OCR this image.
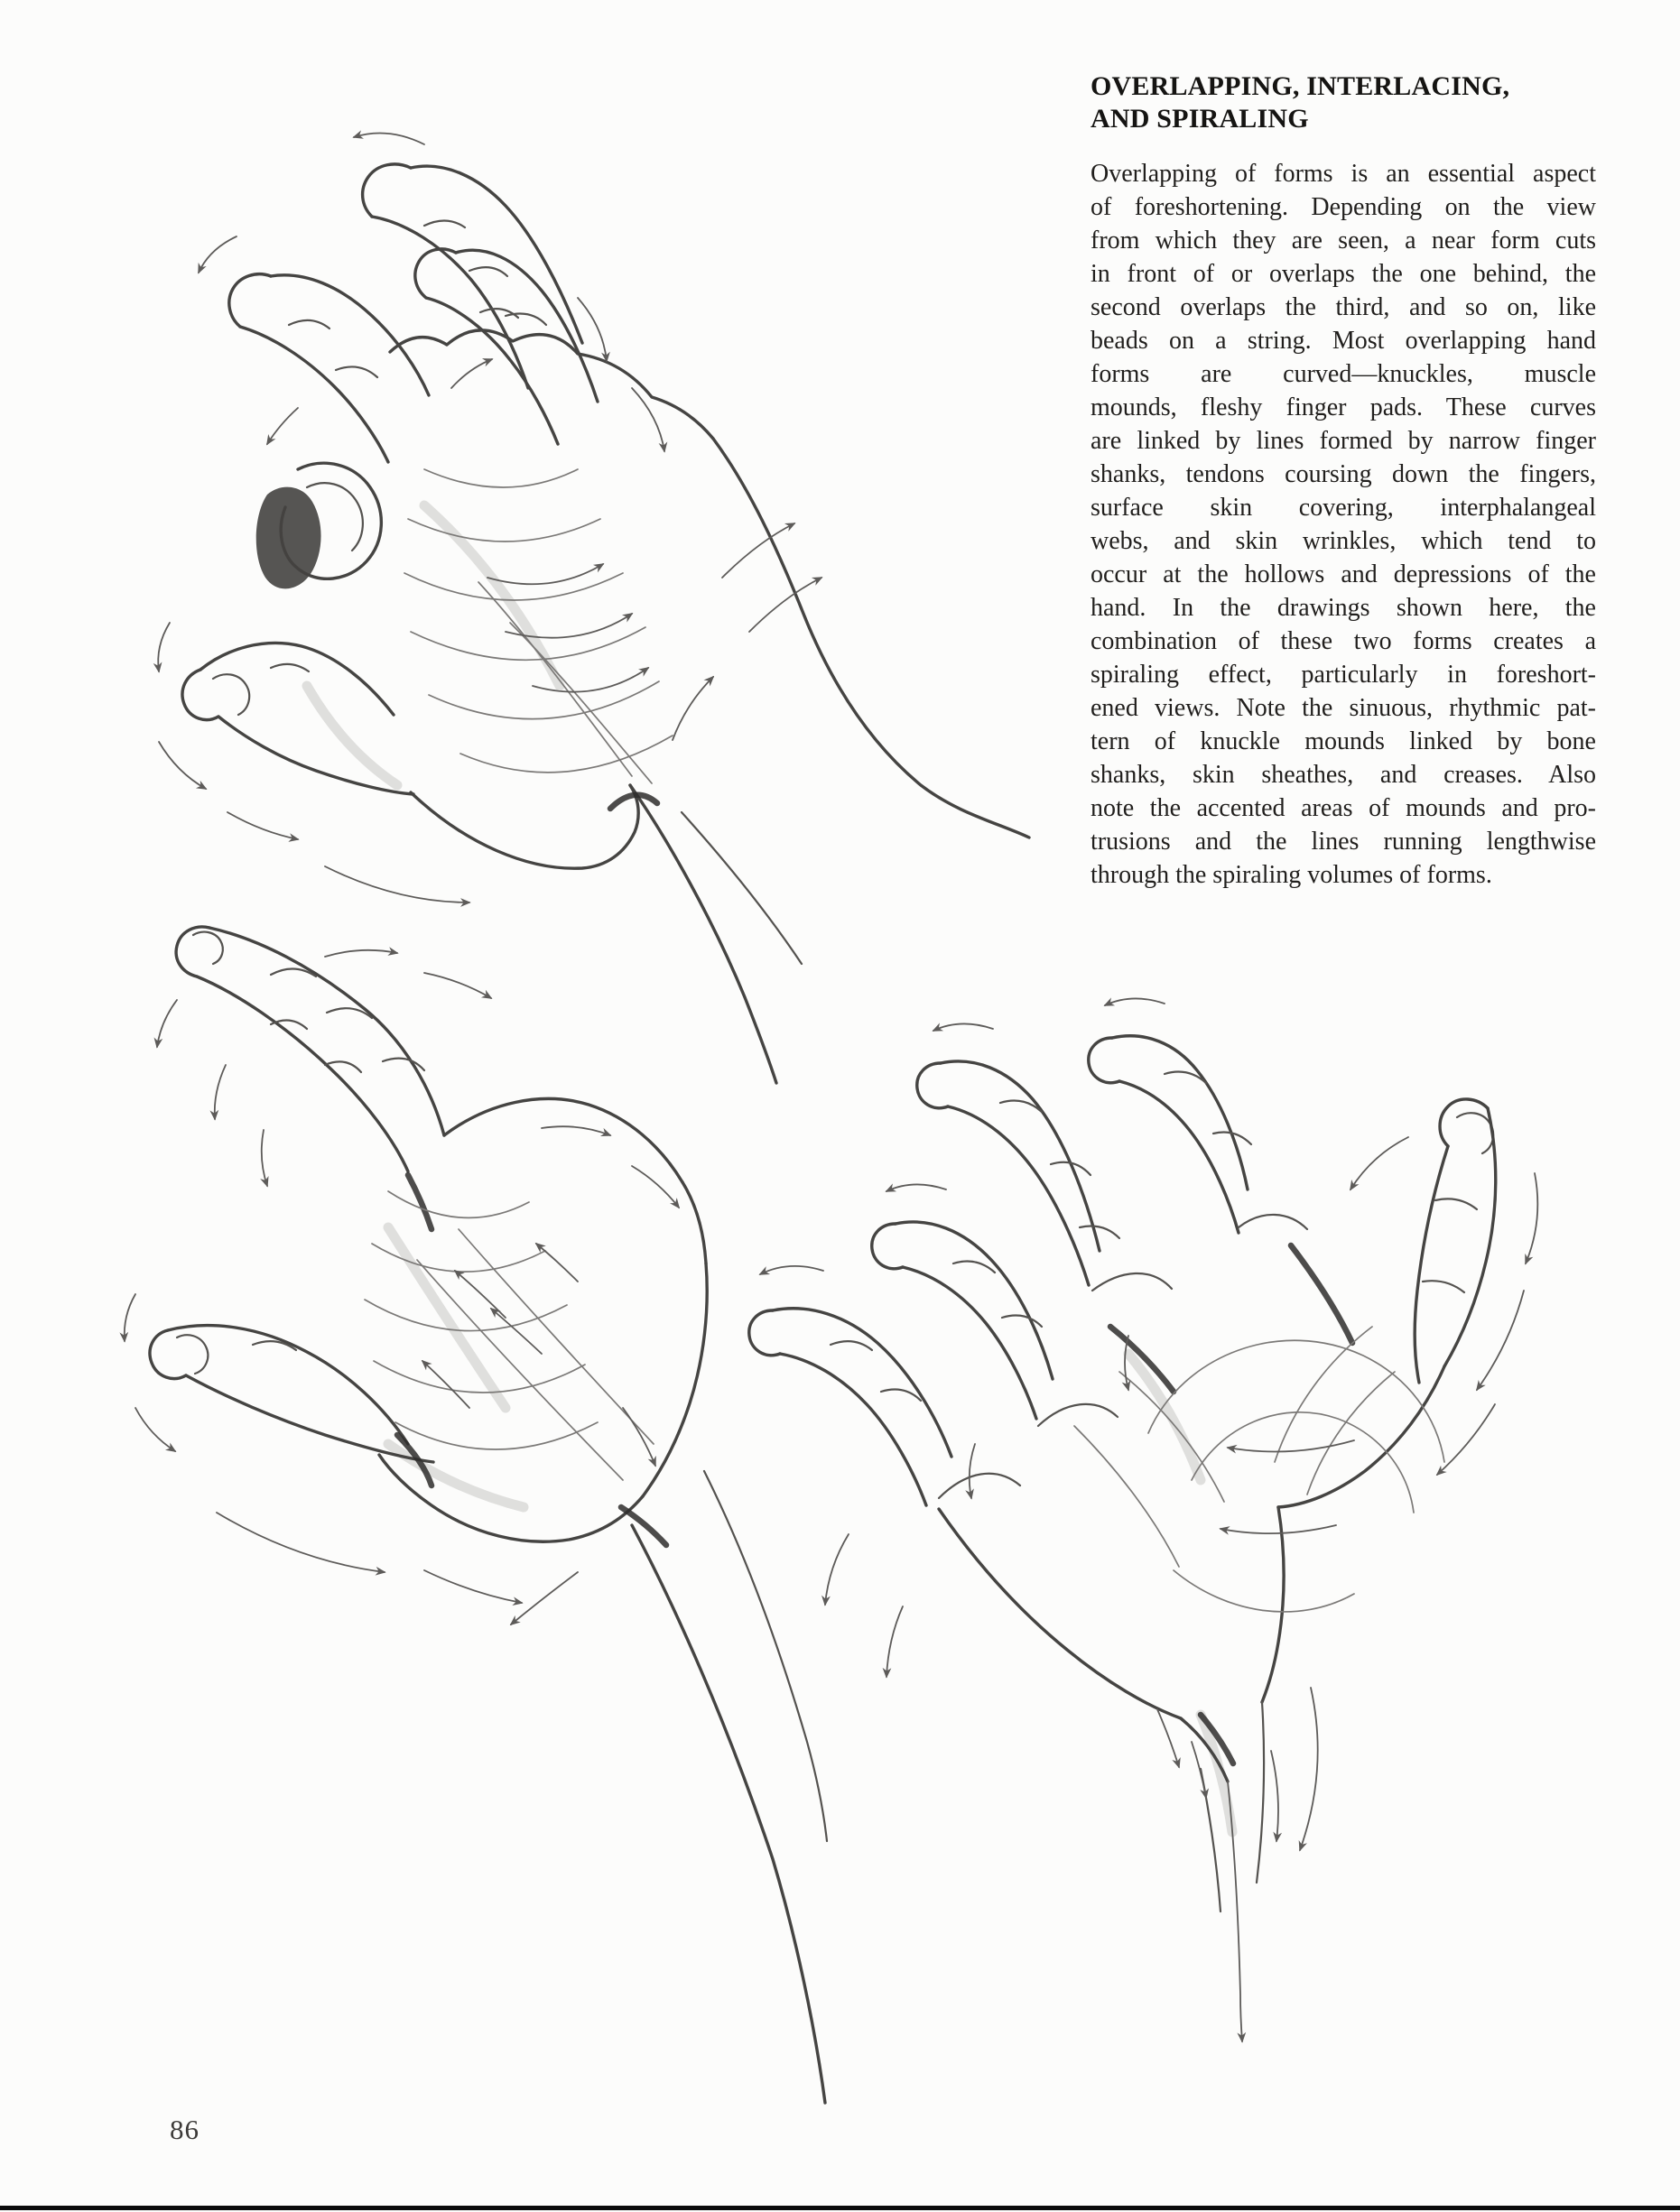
OVERLAPPING, INTERLACING,
AND SPIRALING
Overlapping of forms is an essential aspect
of foreshortening. Depending on the view
from which they are seen, a near form cuts
in front of or overlaps the one behind, the
second overlaps the third, and so on, like
beads on a string. Most overlapping hand
forms are curved—knuckles, muscle
mounds, fleshy finger pads. These curves
are linked by lines formed by narrow finger
shanks, tendons coursing down the fingers,
surface skin covering, interphalangeal
webs, and skin wrinkles, which tend to
occur at the hollows and depressions of the
hand. In the drawings shown here, the
combination of these two forms creates a
spiraling effect, particularly in foreshort-
ened views. Note the sinuous, rhythmic pat-
tern of knuckle mounds linked by bone
shanks, skin sheathes, and creases. Also
note the accented areas of mounds and pro-
trusions and the lines running lengthwise
through the spiraling volumes of forms.
86
